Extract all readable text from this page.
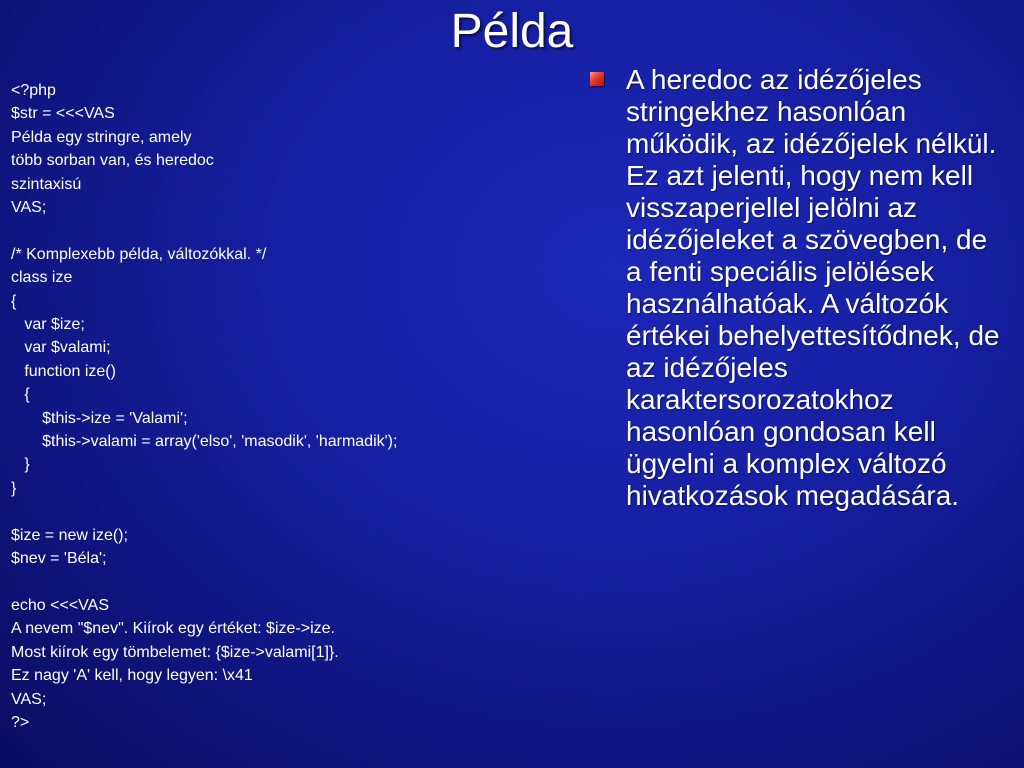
Példa
<?php
$str = <<<VAS
Példa egy stringre, amely
több sorban van, és heredoc
szintaxisú
VAS;
/* Komplexebb példa, változókkal. */
class ize
{
var $ize;
var $valami;
function ize()
{
$this->ize = 'Valami';
$this->valami = array('elso', 'masodik', 'harmadik');
}
}
$ize = new ize();
$nev = 'Béla';
echo <<<VAS
A nevem "$nev". Kiírok egy értéket: $ize->ize.
Most kiírok egy tömbelemet: {$ize->valami[1]}.
Ez nagy 'A' kell, hogy legyen: \x41
VAS;
?>
A heredoc az idézőjeles stringekhez hasonlóan működik, az idézőjelek nélkül. Ez azt jelenti, hogy nem kell visszaperjellel jelölni az idézőjeleket a szövegben, de a fenti speciális jelölések használhatóak. A változók értékei behelyettesítődnek, de az idézőjeles karaktersorozatokhoz hasonlóan gondosan kell ügyelni a komplex változó hivatkozások megadására.
